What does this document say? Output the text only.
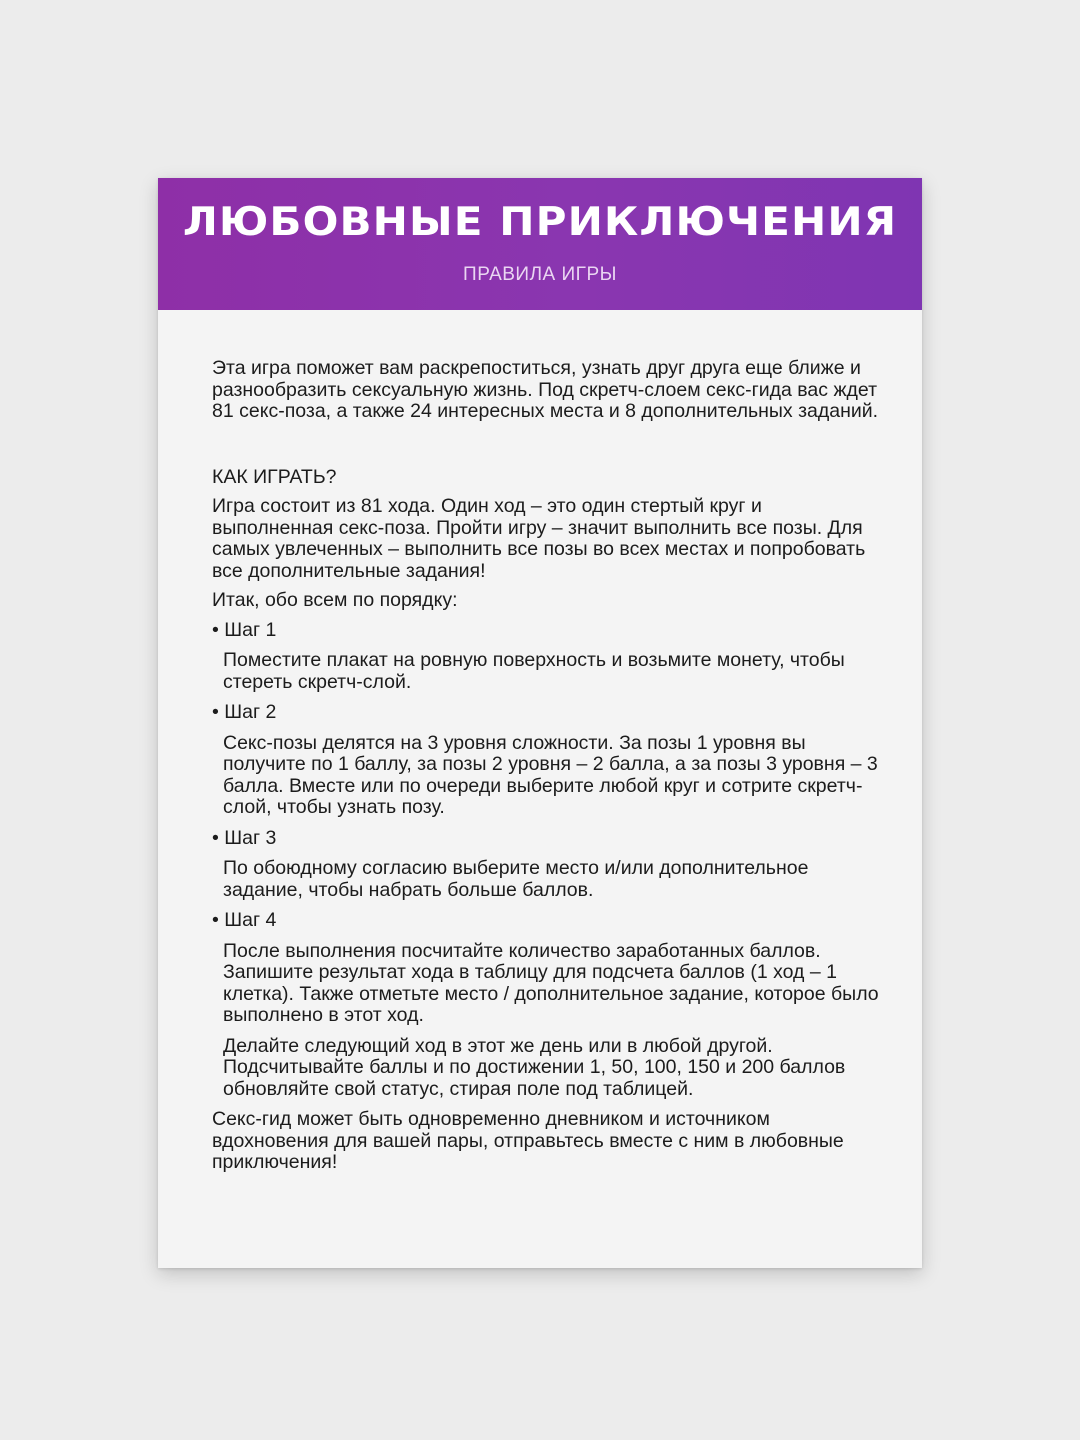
ЛЮБОВНЫЕ ПРИКЛЮЧЕНИЯ
ПРАВИЛА ИГРЫ

Эта игра поможет вам раскрепоститься, узнать друг друга еще ближе и разнообразить сексуальную жизнь. Под скретч-слоем секс-гида вас ждет 81 секс-поза, а также 24 интересных места и 8 дополнительных заданий.

КАК ИГРАТЬ?

Игра состоит из 81 хода. Один ход – это один стертый круг и выполненная секс-поза. Пройти игру – значит выполнить все позы. Для самых увлеченных – выполнить все позы во всех местах и попробовать все дополнительные задания!

Итак, обо всем по порядку:

• Шаг 1

Поместите плакат на ровную поверхность и возьмите монету, чтобы стереть скретч-слой.

• Шаг 2

Секс-позы делятся на 3 уровня сложности. За позы 1 уровня вы получите по 1 баллу, за позы 2 уровня – 2 балла, а за позы 3 уровня – 3 балла. Вместе или по очереди выберите любой круг и сотрите скретч-слой, чтобы узнать позу.

• Шаг 3

По обоюдному согласию выберите место и/или дополнительное задание, чтобы набрать больше баллов.

• Шаг 4

После выполнения посчитайте количество заработанных баллов. Запишите результат хода в таблицу для подсчета баллов (1 ход – 1 клетка). Также отметьте место / дополнительное задание, которое было выполнено в этот ход.

Делайте следующий ход в этот же день или в любой другой. Подсчитывайте баллы и по достижении 1, 50, 100, 150 и 200 баллов обновляйте свой статус, стирая поле под таблицей.

Секс-гид может быть одновременно дневником и источником вдохновения для вашей пары, отправьтесь вместе с ним в любовные приключения!
